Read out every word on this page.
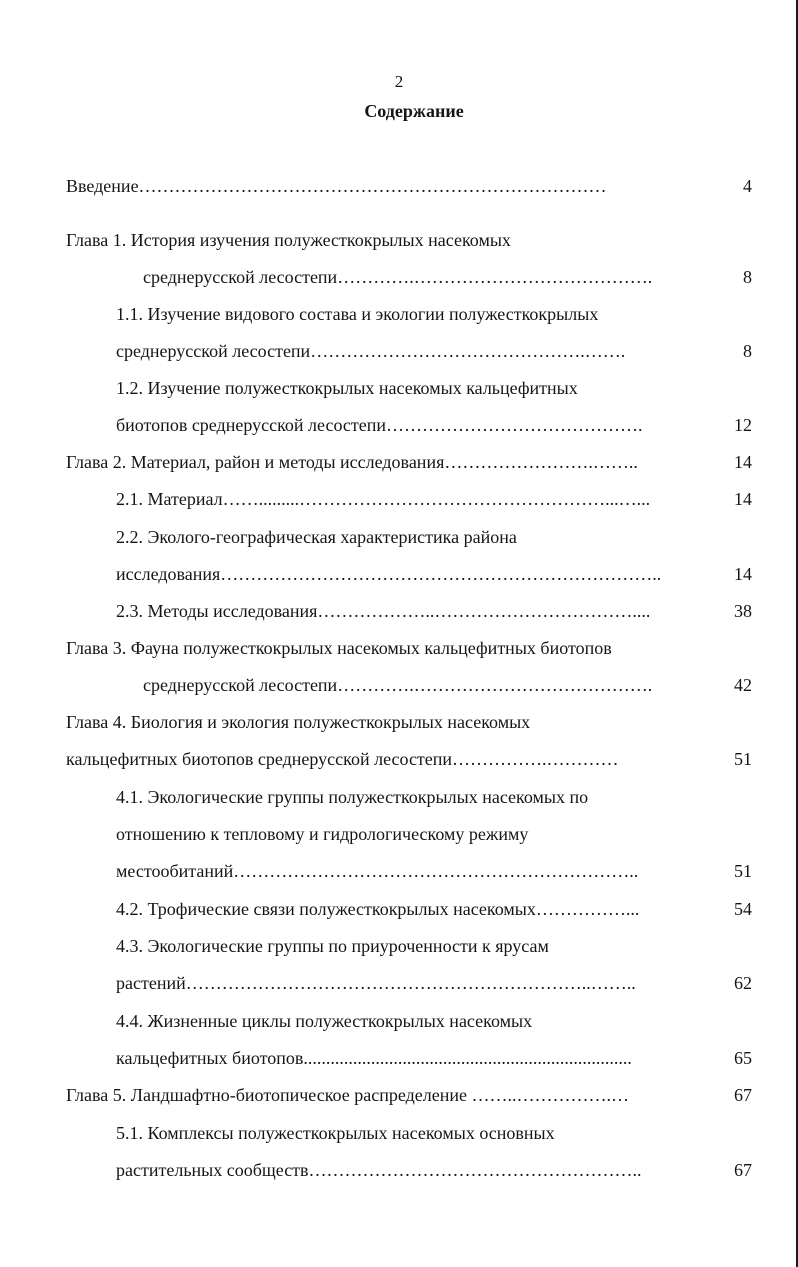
2
Содержание
Введение……………………………………………………………………	4
Глава 1. История изучения полужесткокрылых насекомых
среднерусской лесостепи………….………………………………….	8
1.1. Изучение видового состава и экологии полужесткокрылых
среднерусской лесостепи……………………………………….…….	8
1.2. Изучение полужесткокрылых насекомых кальцефитных
биотопов среднерусской лесостепи…………………………………….	12
Глава 2. Материал, район и методы исследования…………………….……..	14
2.1. Материал…….........……………………………………………...…...	14
2.2. Эколого-географическая характеристика района
исследования………………………………………………………………..	14
2.3. Методы исследования………………..……………………………....	38
Глава 3. Фауна полужесткокрылых насекомых кальцефитных биотопов
среднерусской лесостепи………….………………………………….	42
Глава 4. Биология и экология полужесткокрылых насекомых
кальцефитных биотопов среднерусской лесостепи…………….…………	51
4.1. Экологические группы полужесткокрылых насекомых по
отношению к тепловому и гидрологическому режиму
местообитаний…………………………………………………………..	51
4.2. Трофические связи полужесткокрылых насекомых……………...	54
4.3. Экологические группы по приуроченности к ярусам
растений…………………………………………………………..……..	62
4.4. Жизненные циклы полужесткокрылых насекомых
кальцефитных биотопов.........................................................................	65
Глава 5. Ландшафтно-биотопическое распределение ……..…………….…	67
5.1. Комплексы полужесткокрылых насекомых основных
растительных сообществ………………………………………………..	67
